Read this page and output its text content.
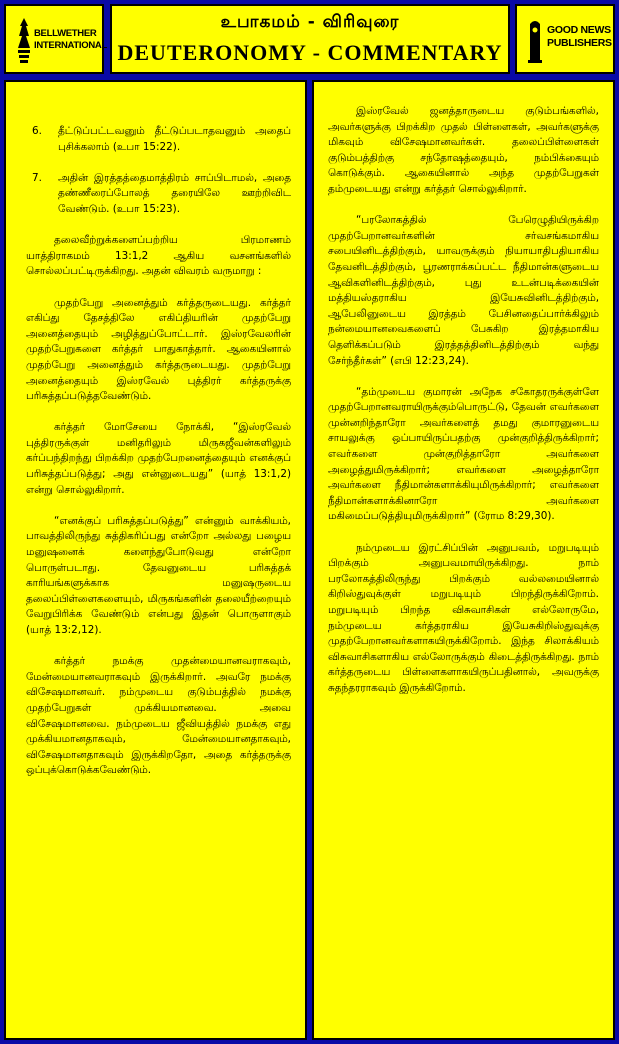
BELLWETHER
INTERNATIONAL
உபாகமம் - விரிவுரை
DEUTERONOMY - COMMENTARY
GOOD NEWS
PUBLISHERS
6.	தீட்டுப்பட்டவனும் தீட்டுப்படாதவனும் அதைப் புசிக்கலாம் (உபா 15:22).
7.	அதின் இரத்தத்தைமாத்திரம் சாப்பிடாமல், அதை தண்ணீரைப்போலத் தரையிலே ஊற்றிவிட வேண்டும். (உபா 15:23).

தலைவீற்றுக்களைப்பற்றிய பிரமாணம் யாத்திராகமம் 13:1,2 ஆகிய வசனங்களில் சொல்லப்பட்டிருக்கிறது. அதன் விவரம் வருமாறு :

முதற்பேறு அனைத்தும் கர்த்தருடையது. கர்த்தர் எகிப்து தேசத்திலே எகிப்தியரின் முதற்பேறு அனைத்தையும் அழித்துப்போட்டார். இஸ்ரவேலரின் முதற்பேறுகளை கர்த்தர் பாதுகாத்தார். ஆகையினால் முதற்பேறு அனைத்தும் கர்த்தருடையது. முதற்பேறு அனைத்தையும் இஸ்ரவேல் புத்திரர் கர்த்தருக்கு பரிசுத்தப்படுத்தவேண்டும்.

கர்த்தர் மோசேயை நோக்கி, “இஸ்ரவேல் புத்திரருக்குள் மனிதரிலும் மிருகஜீவன்களிலும் கர்ப்பந்திறந்து பிறக்கிற முதற்பேறனைத்தையும் எனக்குப் பரிசுத்தப்படுத்து; அது என்னுடையது” (யாத் 13:1,2) என்று சொல்லுகிறார்.

“எனக்குப் பரிசுத்தப்படுத்து” என்னும் வாக்கியம், பாவத்திலிருந்து சுத்திகரிப்பது என்றோ அல்லது பழைய மனுஷனைக் களைந்துபோடுவது என்றோ பொருள்படாது. தேவனுடைய பரிசுத்தக் காரியங்களுக்காக மனுஷருடைய தலைப்பிள்ளைகளையும், மிருகங்களின் தலையீற்றையும் வேறுபிரிக்க வேண்டும் என்பது இதன் பொருளாகும் (யாத் 13:2,12).

கர்த்தர் நமக்கு முதன்மையானவராகவும், மேன்மையானவராகவும் இருக்கிறார். அவரே நமக்கு விசேஷமானவர். நம்முடைய குடும்பத்தில் நமக்கு முதற்பேறுகள் முக்கியமானவை. அவை விசேஷமானவை. நம்முடைய ஜீவியத்தில் நமக்கு எது முக்கியமானதாகவும், மேன்மையானதாகவும், விசேஷமானதாகவும் இருக்கிறதோ, அதை கர்த்தருக்கு ஒப்புக்கொடுக்கவேண்டும்.

இஸ்ரவேல் ஜனத்தாருடைய குடும்பங்களில், அவர்களுக்கு பிறக்கிற முதல் பிள்ளைகள், அவர்களுக்கு மிகவும் விசேஷமானவர்கள். தலைப்பிள்ளைகள் குடும்பத்திற்கு சந்தோஷத்தையும், நம்பிக்கையும் கொடுக்கும். ஆகையினால் அந்த முதற்பேறுகள் தம்முடையது என்று கர்த்தர் சொல்லுகிறார்.

“பரலோகத்தில் பேரெழுதியிருக்கிற முதற்பேறானவர்களின் சர்வசங்கமாகிய சபையினிடத்திற்கும், யாவருக்கும் நியாயாதிபதியாகிய தேவனிடத்திற்கும், பூரணராக்கப்பட்ட நீதிமான்களுடைய ஆவிகளினிடத்திற்கும், புது உடன்படிக்கையின் மத்தியஸ்தராகிய இயேசுவினிடத்திற்கும், ஆபேலினுடைய இரத்தம் பேசினதைப்பார்க்கிலும் நன்மையானவைகளைப் பேசுகிற இரத்தமாகிய தெளிக்கப்படும் இரத்தத்தினிடத்திற்கும் வந்து சேர்ந்தீர்கள்” (எபி 12:23,24).

“தம்முடைய குமாரன் அநேக சகோதரருக்குள்ளே முதற்பேறானவராயிருக்கும்பொருட்டு, தேவன் எவர்களை முன்னறிந்தாரோ அவர்களைத் தமது குமாரனுடைய சாயலுக்கு ஒப்பாயிருப்பதற்கு முன்குறித்திருக்கிறார்; எவர்களை முன்குறித்தாரோ அவர்களை அழைத்துமிருக்கிறார்; எவர்களை அழைத்தாரோ அவர்களை நீதிமான்களாக்கியுமிருக்கிறார்; எவர்களை நீதிமான்களாக்கினாரோ அவர்களை மகிமைப்படுத்தியுமிருக்கிறார்” (ரோம 8:29,30).

நம்முடைய இரட்சிப்பின் அனுபவம், மறுபடியும் பிறக்கும் அனுபவமாயிருக்கிறது. நாம் பரலோகத்திலிருந்து பிறக்கும் வல்லமையினால் கிறிஸ்துவுக்குள் மறுபடியும் பிறந்திருக்கிறோம். மறுபடியும் பிறந்த விசுவாசிகள் எல்லோருமே, நம்முடைய கர்த்தராகிய இயேசுகிறிஸ்துவுக்கு முதற்பேறானவர்களாகயிருக்கிறோம். இந்த சிலாக்கியம் விசுவாசிகளாகிய எல்லோருக்கும் கிடைத்திருக்கிறது. நாம் கர்த்தருடைய பிள்ளைகளாகயிருப்பதினால், அவருக்கு சுதந்தரராகவும் இருக்கிறோம்.
